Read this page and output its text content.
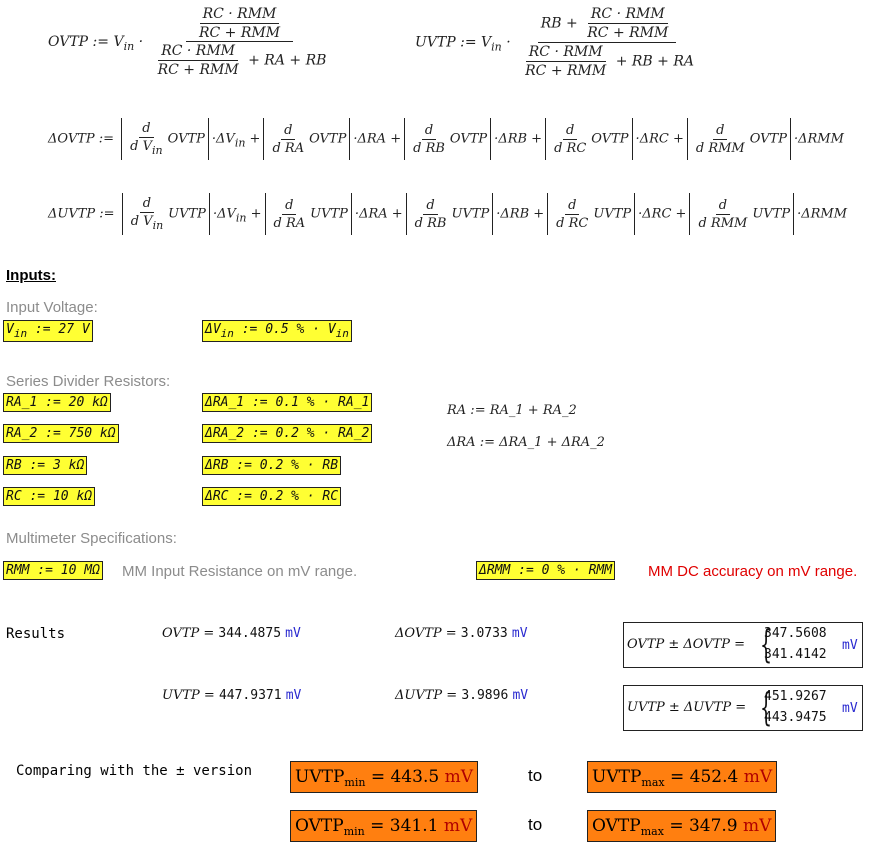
OVTP := $V_{in} \cdot \frac{\frac{\text{RC · RMM}}{\text{RC + RMM}}}{\frac{\text{RC · RMM}}{\text{RC + RMM}} + RA + RB}$	UVTP := $V_{in} \cdot \frac{RB + \frac{\text{RC · RMM}}{\text{RC + RMM}}}{\frac{\text{RC · RMM}}{\text{RC + RMM}} + RB + RA}$
ΔOVTP := $\frac{d}{d V_{in}}$ OVTP $\cdot\Delta V_{in} + \frac{d}{\text{d RA}}$ OVTP $\cdot\Delta RA + \frac{d}{\text{d RB}}$ OVTP $\cdot\Delta RB + \frac{d}{\text{d RC}}$ OVTP $\cdot\Delta RC + \frac{d}{\text{d RMM}}$ OVTP ·ΔRMM
ΔUVTP := $\frac{d}{d V_{in}}$ UVTP $\cdot\Delta V_{in} + \frac{d}{\text{d RA}}$ UVTP $\cdot\Delta RA + \frac{d}{\text{d RB}}$ UVTP $\cdot\Delta RB + \frac{d}{\text{d RC}}$ UVTP $\cdot\Delta RC + \frac{d}{\text{d RMM}}$ UVTP ·ΔRMM
Inputs:
Input Voltage:
$V_{in}$ := 27 V	$\Delta V_{in}$ := 0.5 % · $V_{in}$
Series Divider Resistors:
RA_1 := 20 kΩ	ΔRA_1 := 0.1 % · RA_1
RA_2 := 750 kΩ	ΔRA_2 := 0.2 % · RA_2
RB := 3 kΩ	ΔRB := 0.2 % · RB
RC := 10 kΩ	ΔRC := 0.2 % · RC
RA := RA_1 + RA_2
ΔRA := ΔRA_1 + ΔRA_2
Multimeter Specifications:
RMM := 10 MΩ MM Input Resistance on mV range.	ΔRMM := 0 % · RMM MM DC accuracy on mV range.
Results	OVTP = 344.4875 mV	ΔOVTP = 3.0733 mV
OVTP ± ΔOVTP = {
347.5608
341.4142
mV
UVTP = 447.9371 mV	ΔUVTP = 3.9896 mV
UVTP ± ΔUVTP = {
451.9267
443.9475
mV
Comparing with the ± version	$UVTP_{min} = 443.5$ mV	to	$UVTP_{max} = 452.4$ mV
$OVTP_{min} = 341.1$ mV	to	$OVTP_{max} = 347.9$ mV
